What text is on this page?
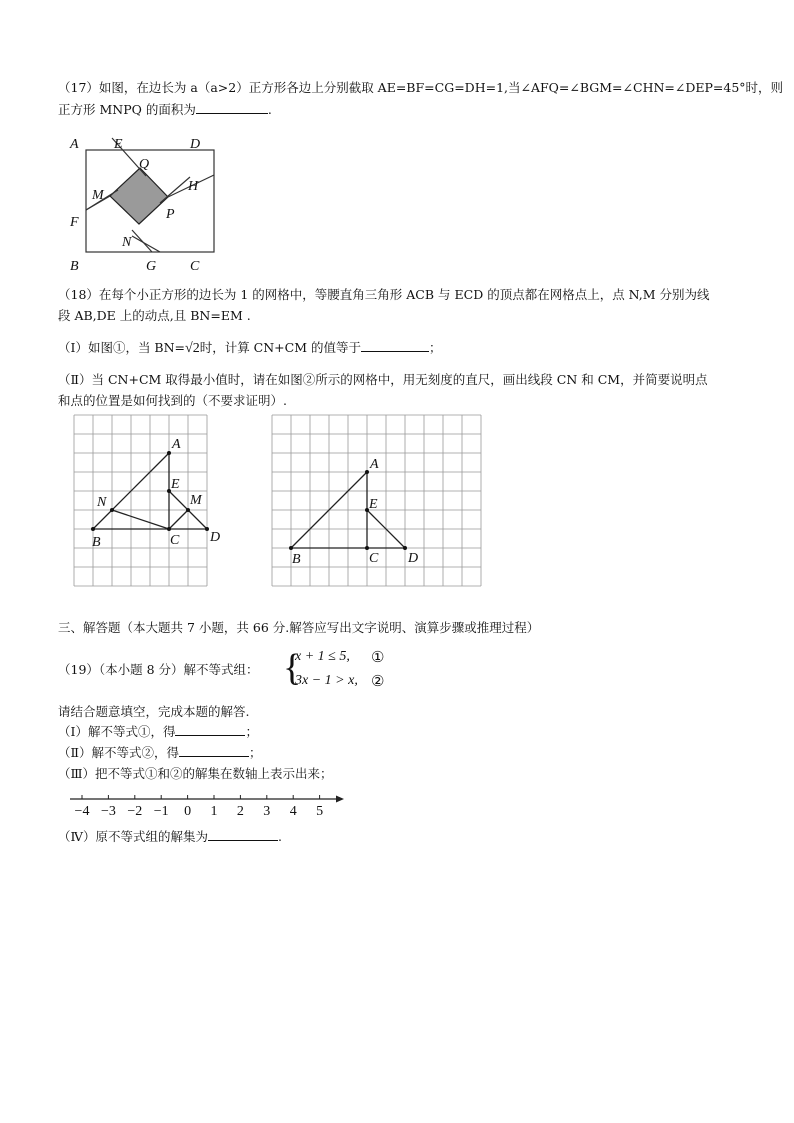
（17）如图，在边长为 a（a>2）正方形各边上分别截取 AE=BF=CG=DH=1,当∠AFQ=∠BGM=∠CHN=∠DEP=45°时，则
正方形 MNPQ 的面积为	.
A	E	D
Q
H
M
P
F
N
B	G C
（18）在每个小正方形的边长为 1 的网格中，等腰直角三角形 ACB 与 ECD 的顶点都在网格点上，点 N,M 分别为线
段 AB,DE 上的动点,且 BN=EM .
（Ⅰ）如图①，当 BN=√2时，计算 CN+CM 的值等于	；
（Ⅱ）当 CN+CM 取得最小值时，请在如图②所示的网格中，用无刻度的直尺，画出线段 CN 和 CM，并简要说明点
和点的位置是如何找到的（不要求证明）.
A
E
N	M
B	C D
A
E
B	C D
三、解答题（本大题共 7 小题，共 66 分.解答应写出文字说明、演算步骤或推理过程）
（19）（本小题 8 分）解不等式组： {
x + 1 ≤ 5, ①
3x − 1 > x, ②
请结合题意填空，完成本题的解答.
（Ⅰ）解不等式①，得	；
（Ⅱ）解不等式②，得	；
（Ⅲ）把不等式①和②的解集在数轴上表示出来；
−4 −3 −2 −1 0 1 2 3 4 5
（Ⅳ）原不等式组的解集为	.
